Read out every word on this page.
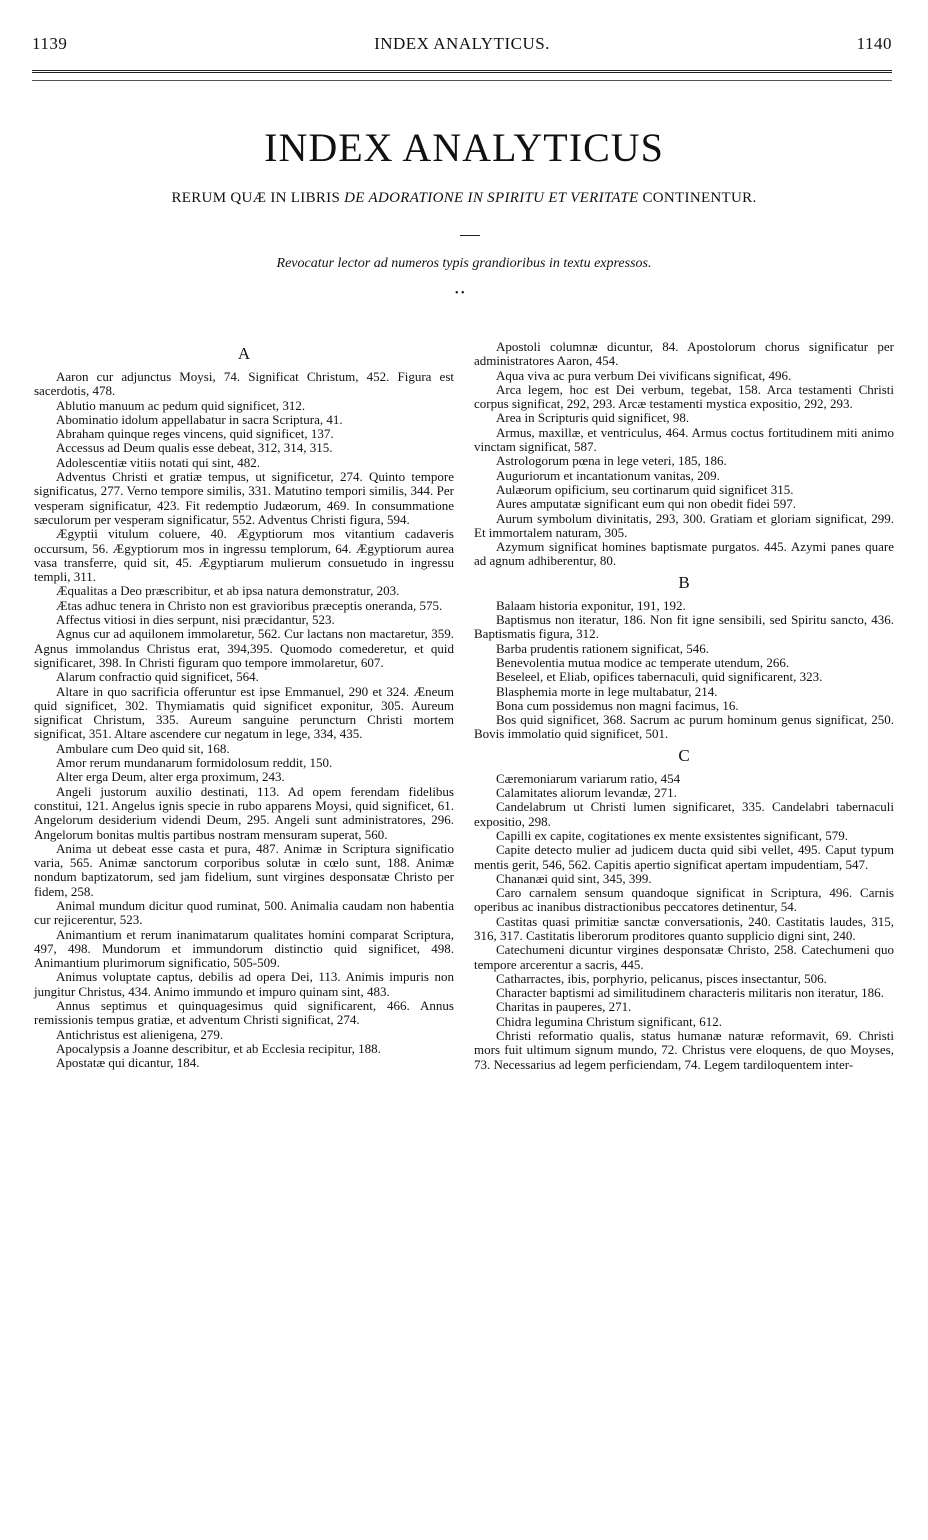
1139	INDEX ANALYTICUS.	1140
INDEX ANALYTICUS
RERUM QUÆ IN LIBRIS DE ADORATIONE IN SPIRITU ET VERITATE CONTINENTUR.
Revocatur lector ad numeros typis grandioribus in textu expressos.
• •
A

Aaron cur adjunctus Moysi, 74. Significat Christum, 452. Figura est sacerdotis, 478.

Ablutio manuum ac pedum quid significet, 312.

Abominatio idolum appellabatur in sacra Scriptura, 41.

Abraham quinque reges vincens, quid significet, 137.

Accessus ad Deum qualis esse debeat, 312, 314, 315.

Adolescentiæ vitiis notati qui sint, 482.

Adventus Christi et gratiæ tempus, ut significetur, 274. Quinto tempore significatus, 277. Verno tempore similis, 331. Matutino tempori similis, 344. Per vesperam significatur, 423. Fit redemptio Judæorum, 469. In consummatione sæculorum per vesperam significatur, 552. Adventus Christi figura, 594.

Ægyptii vitulum coluere, 40. Ægyptiorum mos vitantium cadaveris occursum, 56. Ægyptiorum mos in ingressu templorum, 64. Ægyptiorum aurea vasa transferre, quid sit, 45. Ægyptiarum mulierum consuetudo in ingressu templi, 311.

Æqualitas a Deo præscribitur, et ab ipsa natura demonstratur, 203.

Ætas adhuc tenera in Christo non est gravioribus præceptis oneranda, 575.

Affectus vitiosi in dies serpunt, nisi præcidantur, 523.

Agnus cur ad aquilonem immolaretur, 562. Cur lactans non mactaretur, 359. Agnus immolandus Christus erat, 394,395. Quomodo comederetur, et quid significaret, 398. In Christi figuram quo tempore immolaretur, 607.

Alarum confractio quid significet, 564.

Altare in quo sacrificia offeruntur est ipse Emmanuel, 290 et 324. Æneum quid significet, 302. Thymiamatis quid significet exponitur, 305. Aureum significat Christum, 335. Aureum sanguine peruncturn Christi mortem significat, 351. Altare ascendere cur negatum in lege, 334, 435.

Ambulare cum Deo quid sit, 168.

Amor rerum mundanarum formidolosum reddit, 150.

Alter erga Deum, alter erga proximum, 243.

Angeli justorum auxilio destinati, 113. Ad opem ferendam fidelibus constitui, 121. Angelus ignis specie in rubo apparens Moysi, quid significet, 61. Angelorum desiderium videndi Deum, 295. Angeli sunt administratores, 296. Angelorum bonitas multis partibus nostram mensuram superat, 560.

Anima ut debeat esse casta et pura, 487. Animæ in Scriptura significatio varia, 565. Animæ sanctorum corporibus solutæ in cœlo sunt, 188. Animæ nondum baptizatorum, sed jam fidelium, sunt virgines desponsatæ Christo per fidem, 258.

Animal mundum dicitur quod ruminat, 500. Animalia caudam non habentia cur rejicerentur, 523.

Animantium et rerum inanimatarum qualitates homini comparat Scriptura, 497, 498. Mundorum et immundorum distinctio quid significet, 498. Animantium plurimorum significatio, 505-509.

Animus voluptate captus, debilis ad opera Dei, 113. Animis impuris non jungitur Christus, 434. Animo immundo et impuro quinam sint, 483.

Annus septimus et quinquagesimus quid significarent, 466. Annus remissionis tempus gratiæ, et adventum Christi significat, 274.

Antichristus est alienigena, 279.

Apocalypsis a Joanne describitur, et ab Ecclesia recipitur, 188.

Apostatæ qui dicantur, 184.

Apostoli columnæ dicuntur, 84. Apostolorum chorus significatur per administratores Aaron, 454.

Aqua viva ac pura verbum Dei vivificans significat, 496.

Arca legem, hoc est Dei verbum, tegebat, 158. Arca testamenti Christi corpus significat, 292, 293. Arcæ testamenti mystica expositio, 292, 293.

Area in Scripturis quid significet, 98.

Armus, maxillæ, et ventriculus, 464. Armus coctus fortitudinem miti animo vinctam significat, 587.

Astrologorum pœna in lege veteri, 185, 186.

Auguriorum et incantationum vanitas, 209.

Aulæorum opificium, seu cortinarum quid significet 315.

Aures amputatæ significant eum qui non obedit fidei 597.

Aurum symbolum divinitatis, 293, 300. Gratiam et gloriam significat, 299. Et immortalem naturam, 305.

Azymum significat homines baptismate purgatos. 445. Azymi panes quare ad agnum adhiberentur, 80.

B

Balaam historia exponitur, 191, 192.

Baptismus non iteratur, 186. Non fit igne sensibili, sed Spiritu sancto, 436. Baptismatis figura, 312.

Barba prudentis rationem significat, 546.

Benevolentia mutua modice ac temperate utendum, 266.

Beseleel, et Eliab, opifices tabernaculi, quid significarent, 323.

Blasphemia morte in lege multabatur, 214.

Bona cum possidemus non magni facimus, 16.

Bos quid significet, 368. Sacrum ac purum hominum genus significat, 250. Bovis immolatio quid significet, 501.

C

Cæremoniarum variarum ratio, 454

Calamitates aliorum levandæ, 271.

Candelabrum ut Christi lumen significaret, 335. Candelabri tabernaculi expositio, 298.

Capilli ex capite, cogitationes ex mente exsistentes significant, 579.

Capite detecto mulier ad judicem ducta quid sibi vellet, 495. Caput typum mentis gerit, 546, 562. Capitis apertio significat apertam impudentiam, 547.

Chananæi quid sint, 345, 399.

Caro carnalem sensum quandoque significat in Scriptura, 496. Carnis operibus ac inanibus distractionibus peccatores detinentur, 54.

Castitas quasi primitiæ sanctæ conversationis, 240. Castitatis laudes, 315, 316, 317. Castitatis liberorum proditores quanto supplicio digni sint, 240.

Catechumeni dicuntur virgines desponsatæ Christo, 258. Catechumeni quo tempore arcerentur a sacris, 445.

Catharractes, ibis, porphyrio, pelicanus, pisces insectantur, 506.

Character baptismi ad similitudinem characteris militaris non iteratur, 186.

Charitas in pauperes, 271.

Chidra leguminа Christum significant, 612.

Christi reformatio qualis, status humanæ naturæ reformavit, 69. Christi mors fuit ultimum signum mundo, 72. Christus vere eloquens, de quo Moyses, 73. Necessarius ad legem perficiendam, 74. Legem tardiloquentem inter-
